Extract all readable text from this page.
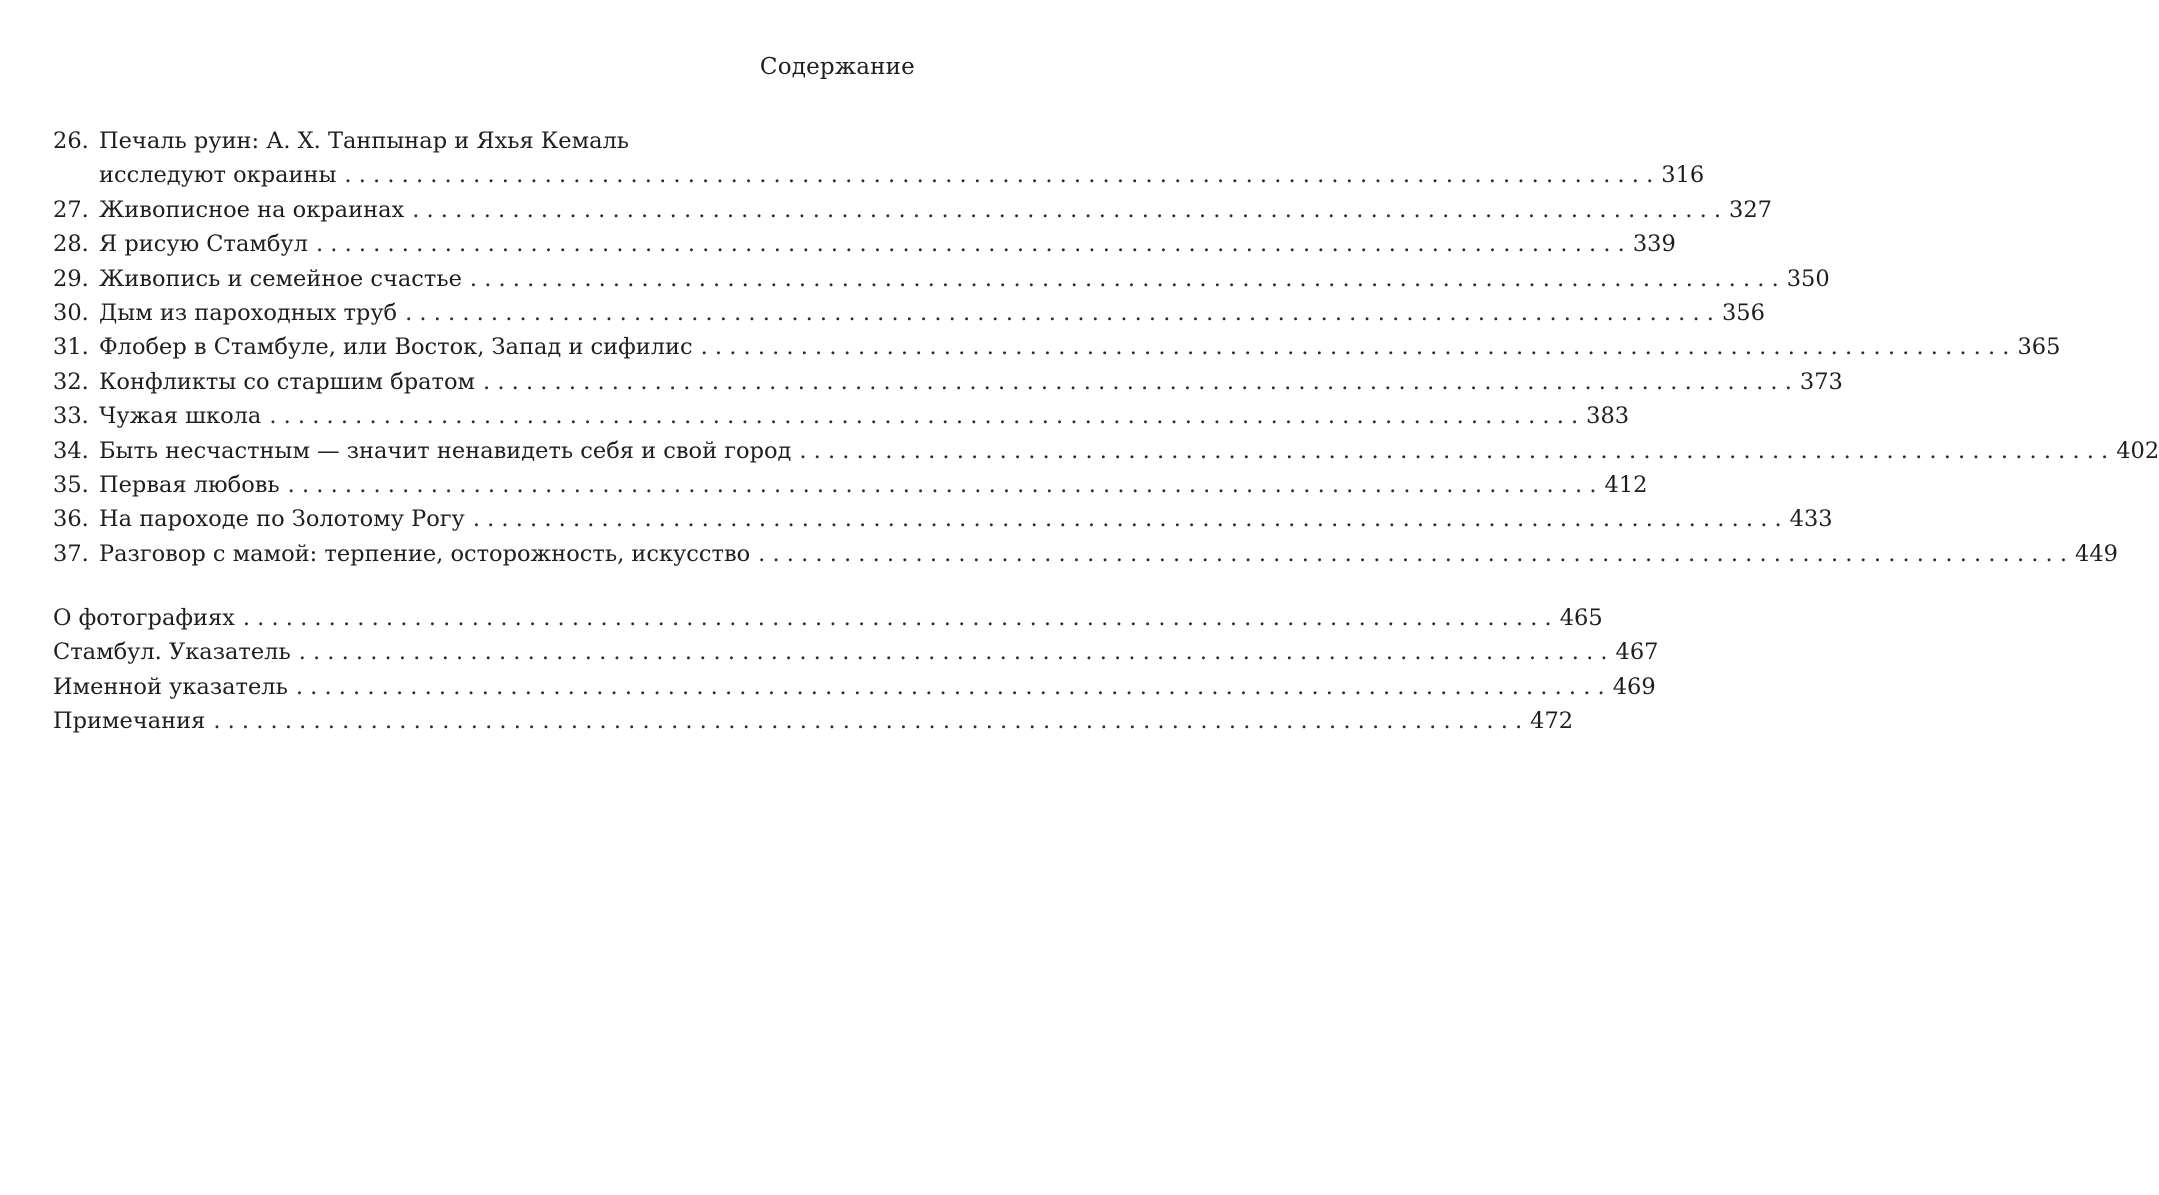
Содержание
26. Печаль руин: А. Х. Танпынар и Яхья Кемаль
исследуют окраины . . .	316
27. Живописное на окраинах . . .	327
28. Я рисую Стамбул . . .	339
29. Живопись и семейное счастье . . .	350
30. Дым из пароходных труб . . .	356
31. Флобер в Стамбуле, или Восток, Запад и сифилис . . .	365
32. Конфликты со старшим братом . . .	373
33. Чужая школа . . .	383
34. Быть несчастным — значит ненавидеть себя и свой город . . .	402
35. Первая любовь . . .	412
36. На пароходе по Золотому Рогу . . .	433
37. Разговор с мамой: терпение, осторожность, искусство . . .	449
О фотографиях . . .	465
Стамбул. Указатель . . .	467
Именной указатель . . .	469
Примечания . . .	472
